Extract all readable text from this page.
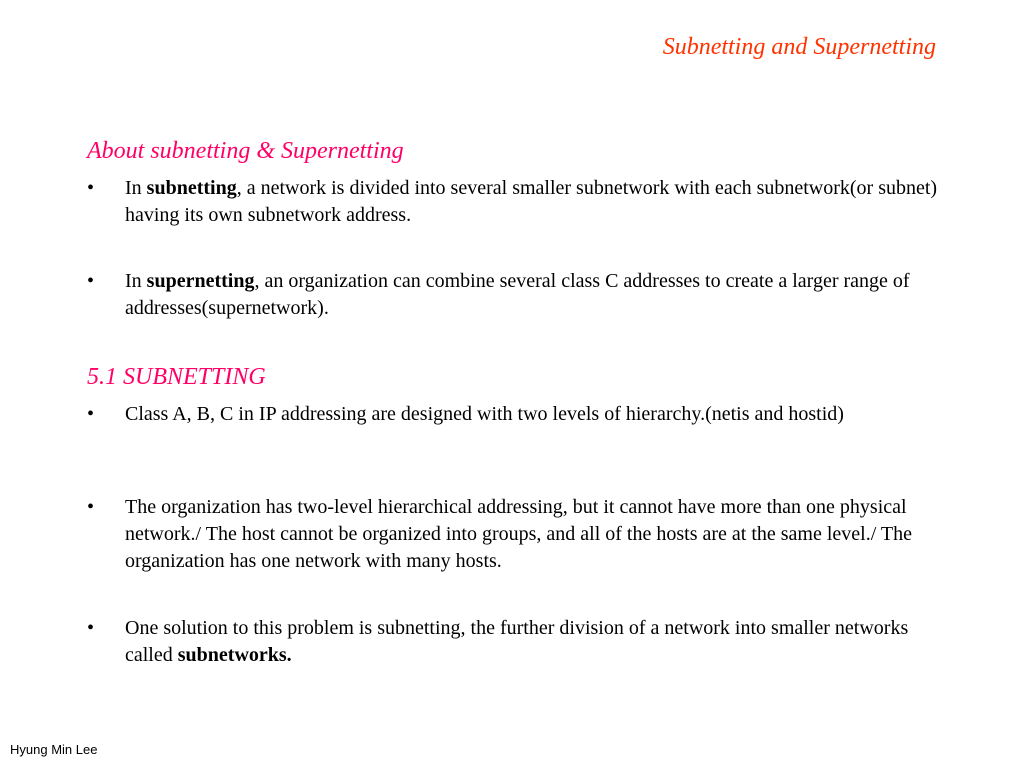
Subnetting and Supernetting
About subnetting & Supernetting
• In subnetting, a network is divided into several smaller subnetwork with each subnetwork(or subnet) having its own subnetwork address.
• In supernetting, an organization can combine several class C addresses to create a larger range of addresses(supernetwork).
5.1 SUBNETTING
• Class A, B, C in IP addressing are designed with two levels of hierarchy.(netis and hostid)
• The organization has two-level hierarchical addressing, but it cannot have more than one physical network./ The host cannot be organized into groups, and all of the hosts are at the same level./ The organization has one network with many hosts.
• One solution to this problem is subnetting, the further division of a network into smaller networks called subnetworks.
Hyung Min Lee
